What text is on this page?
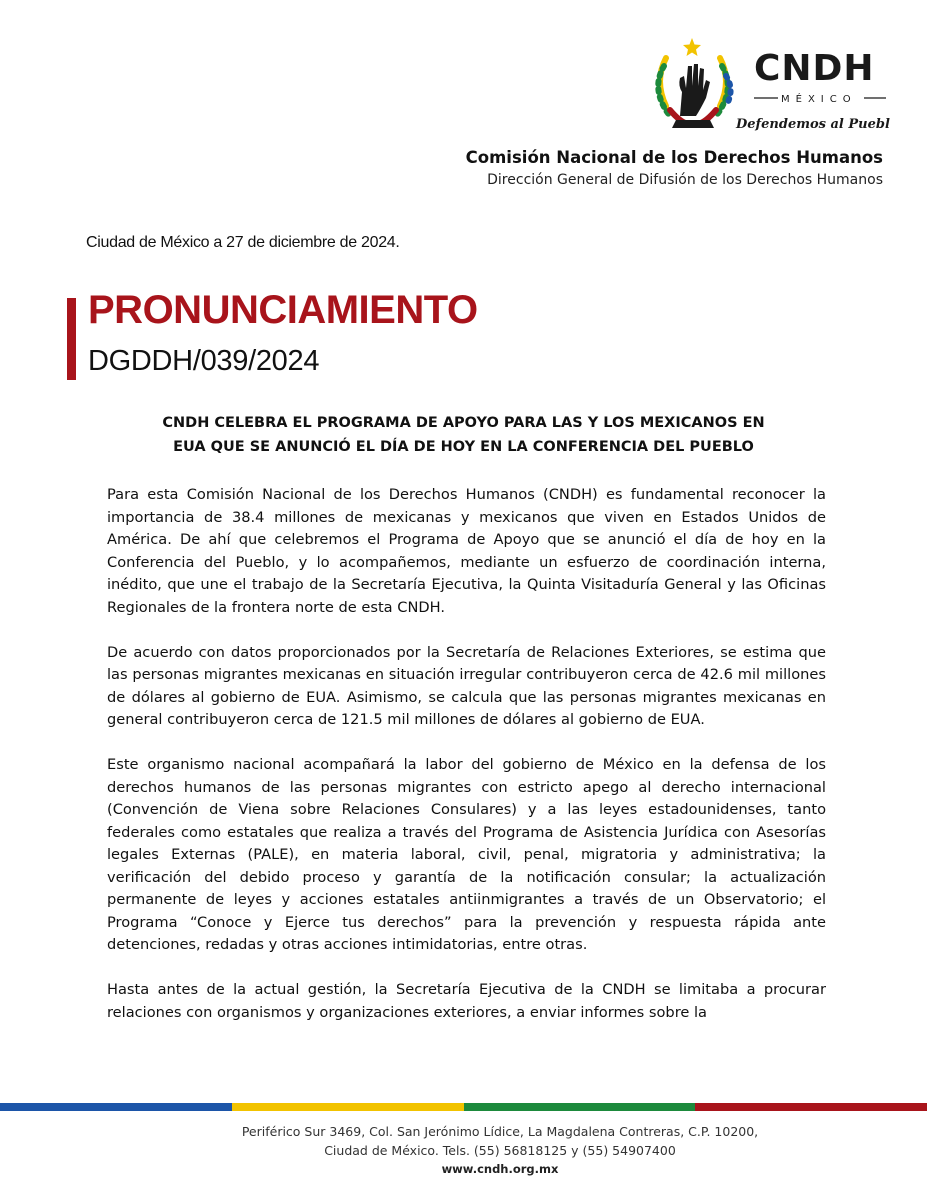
CNDH
MÉXICO
Defendemos al Pueblo
Comisión Nacional de los Derechos Humanos
Dirección General de Difusión de los Derechos Humanos
Ciudad de México a 27 de diciembre de 2024.
PRONUNCIAMIENTO
DGDDH/039/2024
CNDH CELEBRA EL PROGRAMA DE APOYO PARA LAS Y LOS MEXICANOS EN
EUA QUE SE ANUNCIÓ EL DÍA DE HOY EN LA CONFERENCIA DEL PUEBLO

Para esta Comisión Nacional de los Derechos Humanos (CNDH) es fundamental reconocer la importancia de 38.4 millones de mexicanas y mexicanos que viven en Estados Unidos de América. De ahí que celebremos el Programa de Apoyo que se anunció el día de hoy en la Conferencia del Pueblo, y lo acompañemos, mediante un esfuerzo de coordinación interna, inédito, que une el trabajo de la Secretaría Ejecutiva, la Quinta Visitaduría General y las Oficinas Regionales de la frontera norte de esta CNDH.

De acuerdo con datos proporcionados por la Secretaría de Relaciones Exteriores, se estima que las personas migrantes mexicanas en situación irregular contribuyeron cerca de 42.6 mil millones de dólares al gobierno de EUA. Asimismo, se calcula que las personas migrantes mexicanas en general contribuyeron cerca de 121.5 mil millones de dólares al gobierno de EUA.

Este organismo nacional acompañará la labor del gobierno de México en la defensa de los derechos humanos de las personas migrantes con estricto apego al derecho internacional (Convención de Viena sobre Relaciones Consulares) y a las leyes estadounidenses, tanto federales como estatales que realiza a través del Programa de Asistencia Jurídica con Asesorías legales Externas (PALE), en materia laboral, civil, penal, migratoria y administrativa; la verificación del debido proceso y garantía de la notificación consular; la actualización permanente de leyes y acciones estatales antiinmigrantes a través de un Observatorio; el Programa “Conoce y Ejerce tus derechos” para la prevención y respuesta rápida ante detenciones, redadas y otras acciones intimidatorias, entre otras.

Hasta antes de la actual gestión, la Secretaría Ejecutiva de la CNDH se limitaba a procurar relaciones con organismos y organizaciones exteriores, a enviar informes sobre la

Periférico Sur 3469, Col. San Jerónimo Lídice, La Magdalena Contreras, C.P. 10200,
Ciudad de México. Tels. (55) 56818125 y (55) 54907400
www.cndh.org.mx
